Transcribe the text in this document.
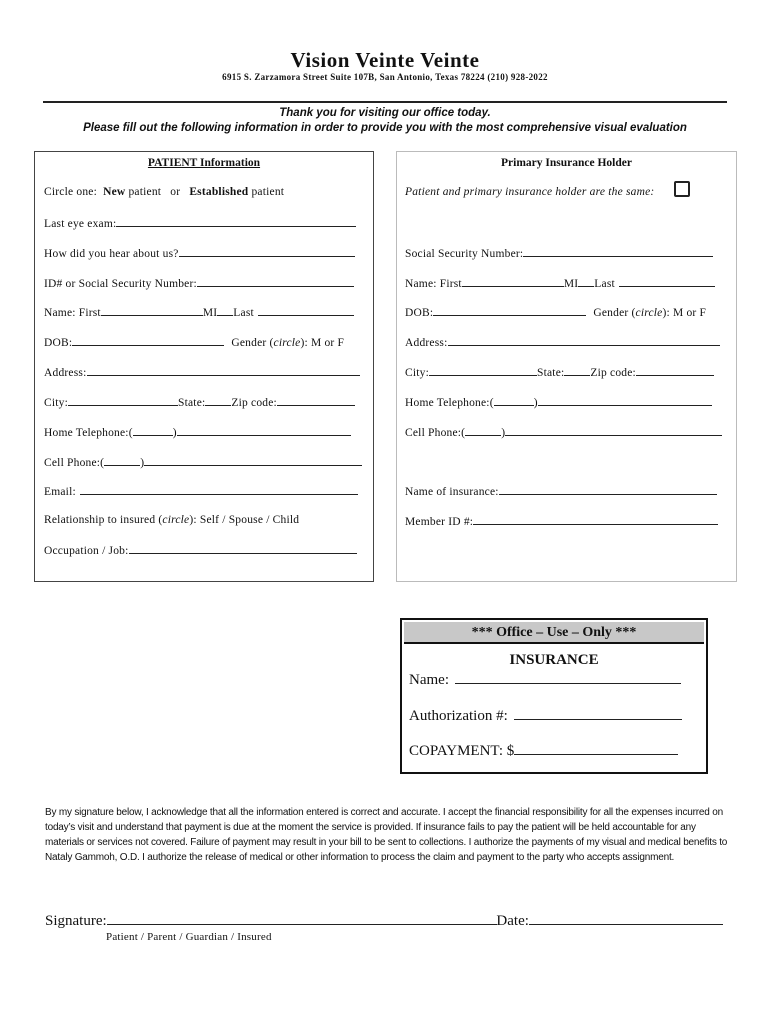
Vision Veinte Veinte
6915 S. Zarzamora Street Suite 107B, San Antonio, Texas 78224 (210) 928-2022
Thank you for visiting our office today.
Please fill out the following information in order to provide you with the most comprehensive visual evaluation
PATIENT Information
Circle one: New patient or Established patient
Last eye exam:
How did you hear about us?
ID# or Social Security Number:
Name: First	MI Last
DOB:	Gender (circle): M or F
Address:
City:	State: Zip code:
Home Telephone:(	)
Cell Phone:(	)
Email:
Relationship to insured (circle): Self / Spouse / Child
Occupation / Job:
Primary Insurance Holder
Patient and primary insurance holder are the same:
Social Security Number:
Name: First	MI Last
DOB:	Gender (circle): M or F
Address:
City:	State: Zip code:
Home Telephone:(	)
Cell Phone:(	)
Name of insurance:
Member ID #:
*** Office – Use – Only ***
INSURANCE
Name:
Authorization #:
COPAYMENT: $
By my signature below, I acknowledge that all the information entered is correct and accurate. I accept the financial responsibility for all the expenses incurred on today’s visit and understand that payment is due at the moment the service is provided. If insurance fails to pay the patient will be held accountable for any materials or services not covered. Failure of payment may result in your bill to be sent to collections. I authorize the payments of my visual and medical benefits to Nataly Gammoh, O.D. I authorize the release of medical or other information to process the claim and payment to the party who accepts assignment.
Signature:	Date:
Patient / Parent / Guardian / Insured
